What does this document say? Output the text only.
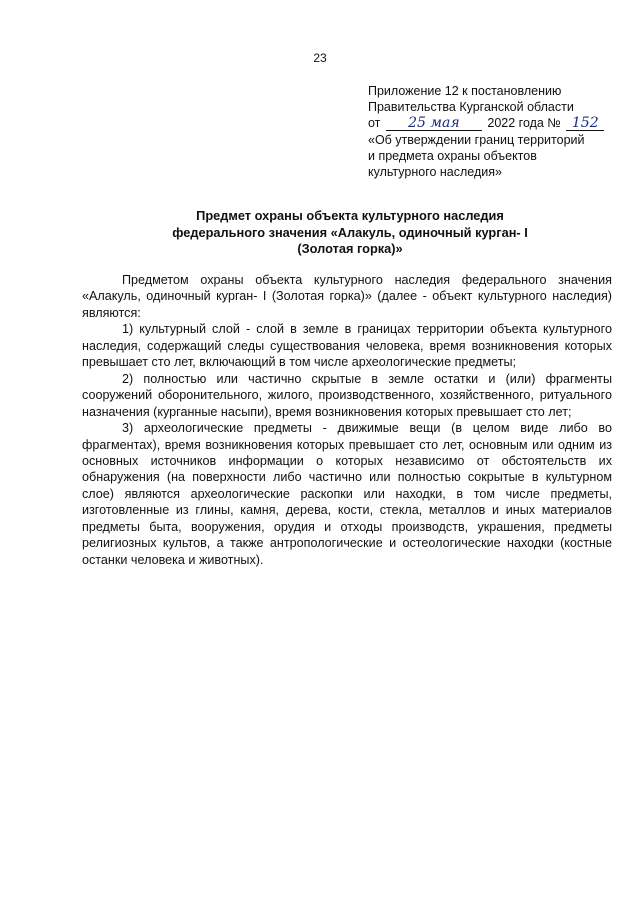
23
Приложение 12 к постановлению
Правительства Курганской области
от 25 мая 2022 года № 152
«Об утверждении границ территорий
и предмета охраны объектов
культурного наследия»
Предмет охраны объекта культурного наследия
федерального значения «Алакуль, одиночный курган- I
(Золотая горка)»

Предметом охраны объекта культурного наследия федерального значения «Алакуль, одиночный курган- I (Золотая горка)» (далее - объект культурного наследия) являются:

1) культурный слой - слой в земле в границах территории объекта культурного наследия, содержащий следы существования человека, время возникновения которых превышает сто лет, включающий в том числе археологические предметы;

2) полностью или частично скрытые в земле остатки и (или) фрагменты сооружений оборонительного, жилого, производственного, хозяйственного, ритуального назначения (курганные насыпи), время возникновения которых превышает сто лет;

3) археологические предметы - движимые вещи (в целом виде либо во фрагментах), время возникновения которых превышает сто лет, основным или одним из основных источников информации о которых независимо от обстоятельств их обнаружения (на поверхности либо частично или полностью сокрытые в культурном слое) являются археологические раскопки или находки, в том числе предметы, изготовленные из глины, камня, дерева, кости, стекла, металлов и иных материалов предметы быта, вооружения, орудия и отходы производств, украшения, предметы религиозных культов, а также антропологические и остеологические находки (костные останки человека и животных).
